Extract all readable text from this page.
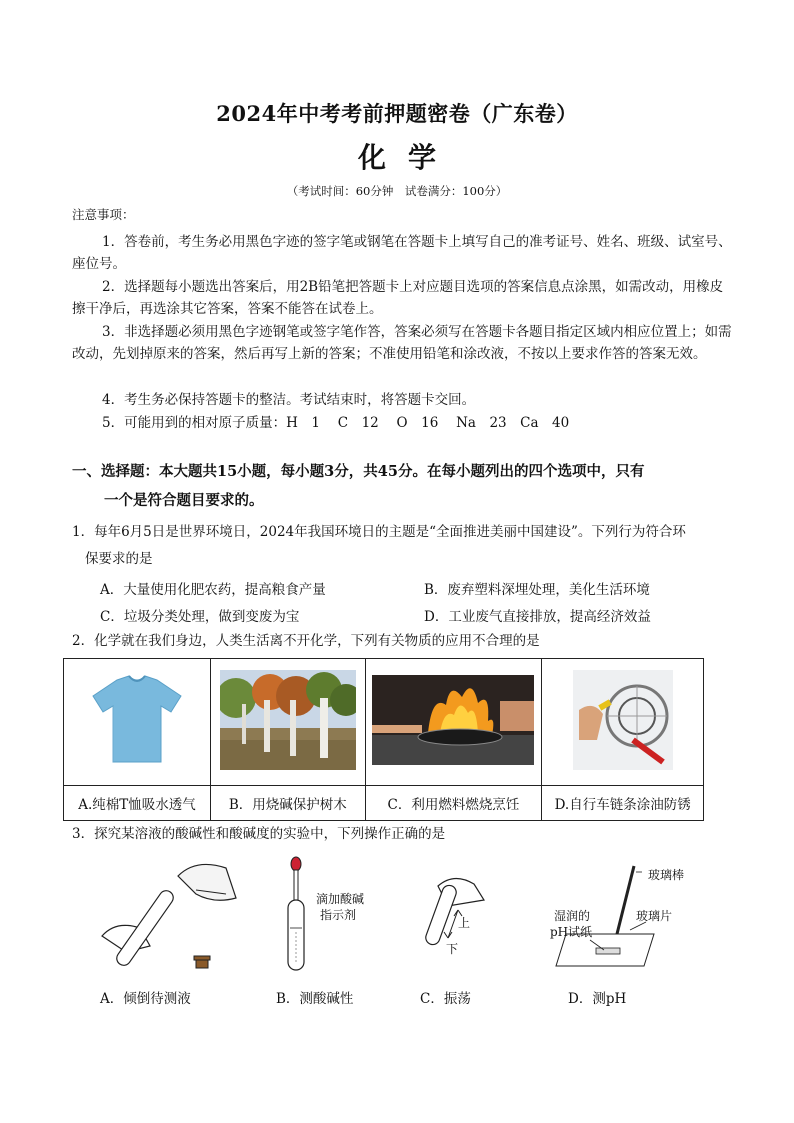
2024年中考考前押题密卷（广东卷）
化学
（考试时间：60分钟　试卷满分：100分）
注意事项：
1．答卷前，考生务必用黑色字迹的签字笔或钢笔在答题卡上填写自己的准考证号、姓名、班级、试室号、座位号。
2．选择题每小题选出答案后，用2B铅笔把答题卡上对应题目选项的答案信息点涂黑，如需改动，用橡皮擦干净后，再选涂其它答案，答案不能答在试卷上。
3．非选择题必须用黑色字迹钢笔或签字笔作答，答案必须写在答题卡各题目指定区域内相应位置上；如需改动，先划掉原来的答案，然后再写上新的答案；不准使用铅笔和涂改液，不按以上要求作答的答案无效。
4．考生务必保持答题卡的整洁。考试结束时，将答题卡交回。
5．可能用到的相对原子质量：H　1　 C　12　 O　16　 Na　23　Ca　40
一、选择题：本大题共15小题，每小题3分，共45分。在每小题列出的四个选项中，只有
一个是符合题目要求的。
1．每年6月5日是世界环境日，2024年我国环境日的主题是“全面推进美丽中国建设”。下列行为符合环
保要求的是
A．大量使用化肥农药，提高粮食产量	B．废弃塑料深埋处理，美化生活环境
C．垃圾分类处理，做到变废为宝	D．工业废气直接排放，提高经济效益
2．化学就在我们身边，人类生活离不开化学，下列有关物质的应用不合理的是

A.纯棉T恤吸水透气	B．用烧碱保护树木	C．利用燃料燃烧烹饪	D.自行车链条涂油防锈
3．探究某溶液的酸碱性和酸碱度的实验中，下列操作正确的是
滴加酸碱
指示剂
上
下
玻璃棒
湿润的
pH试纸
玻璃片
A．倾倒待测液	B．测酸碱性	C．振荡	D．测pH
